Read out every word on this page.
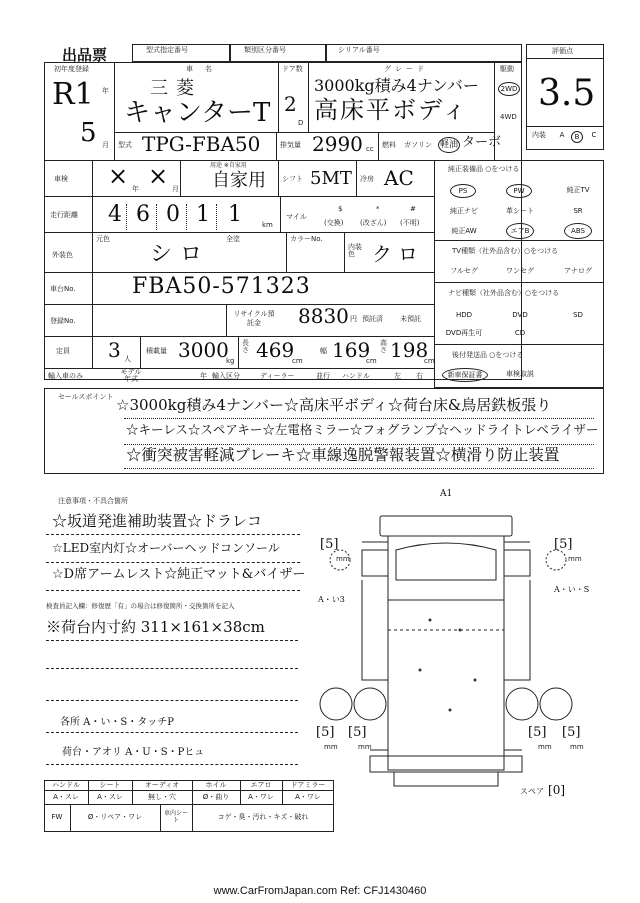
出品票	型式指定番号	類別区分番号	シリアル番号	評価点
3.5
内装	A	B	C
初年度登録
R1 年
5 月
車名
三菱
キャンターT
ドア数
2
D
グレード
3000kg積み4ナンバー
高床平ボディ
駆動
2WD
4WD
型式 TPG-FBA50	排気量 2990 cc 燃料 ガソリン 軽油 ターボ
車検 × 年 × 月
用途 ※自家用
自家用 シフト 5MT 冷房 AC
走行距離 4 6 0 1 1	km
マイル
$	*	#
(交換) (改ざん) (不明)
外装色
元色	全塗
シロ
カラーNo.
内装色 クロ
車台No.	FBA50-571323
登録No.
リサイクル預託金	8830 円 預託済 未預託
定員 3 人
積載量 3000
kg
長さ 469
cm
幅 169
cm
高さ 198
cm
輸入車のみ	モデル年式	年 輸入区分	ディーラー	並行 ハンドル	左 右
純正装備品 ○をつける
PS	PW	純正TV
純正ナビ	革シート	SR
純正AW	エアB	ABS
TV種類（社外品含む）○をつける
フルセグ	ワンセグ	アナログ
ナビ種類（社外品含む）○をつける
HDD	DVD	SD
DVD再生可	CD
後付発送品 ○をつける
新車保証書	車検取説
セールスポイント ☆3000kg積み4ナンバー☆高床平ボディ☆荷台床&鳥居鉄板張り
☆キーレス☆スペアキー☆左電格ミラー☆フォグランプ☆ヘッドライトレベライザー
☆衝突被害軽減ブレーキ☆車線逸脱警報装置☆横滑り防止装置
注意事項・不具合箇所
☆坂道発進補助装置☆ドラレコ
☆LED室内灯☆オーバーヘッドコンソール
☆D席アームレスト☆純正マット&バイザー
検査員記入欄：修復歴「有」の場合は修復箇所・交換箇所を記入
※荷台内寸約 311×161×38cm
各所 A・い・S・タッチP
荷台・アオリ A・U・S・Pヒュ
A1
A・い3
A・い・S
[5]
mm
[5]
mm
[5]
mm
[5]
mm
[5]
mm
[5]
mm
スペア [0]
ハンドル	シート	オーディオ	ホイル	エアロ	ドアミラー
A・スレ	A・スレ	無し・穴	Ø・曲り	A・ワレ	A・ワレ
FW	Ø・リペア・ワレ	車内シート	コゲ・臭・汚れ・キズ・破れ
www.CarFromJapan.com Ref: CFJ1430460
